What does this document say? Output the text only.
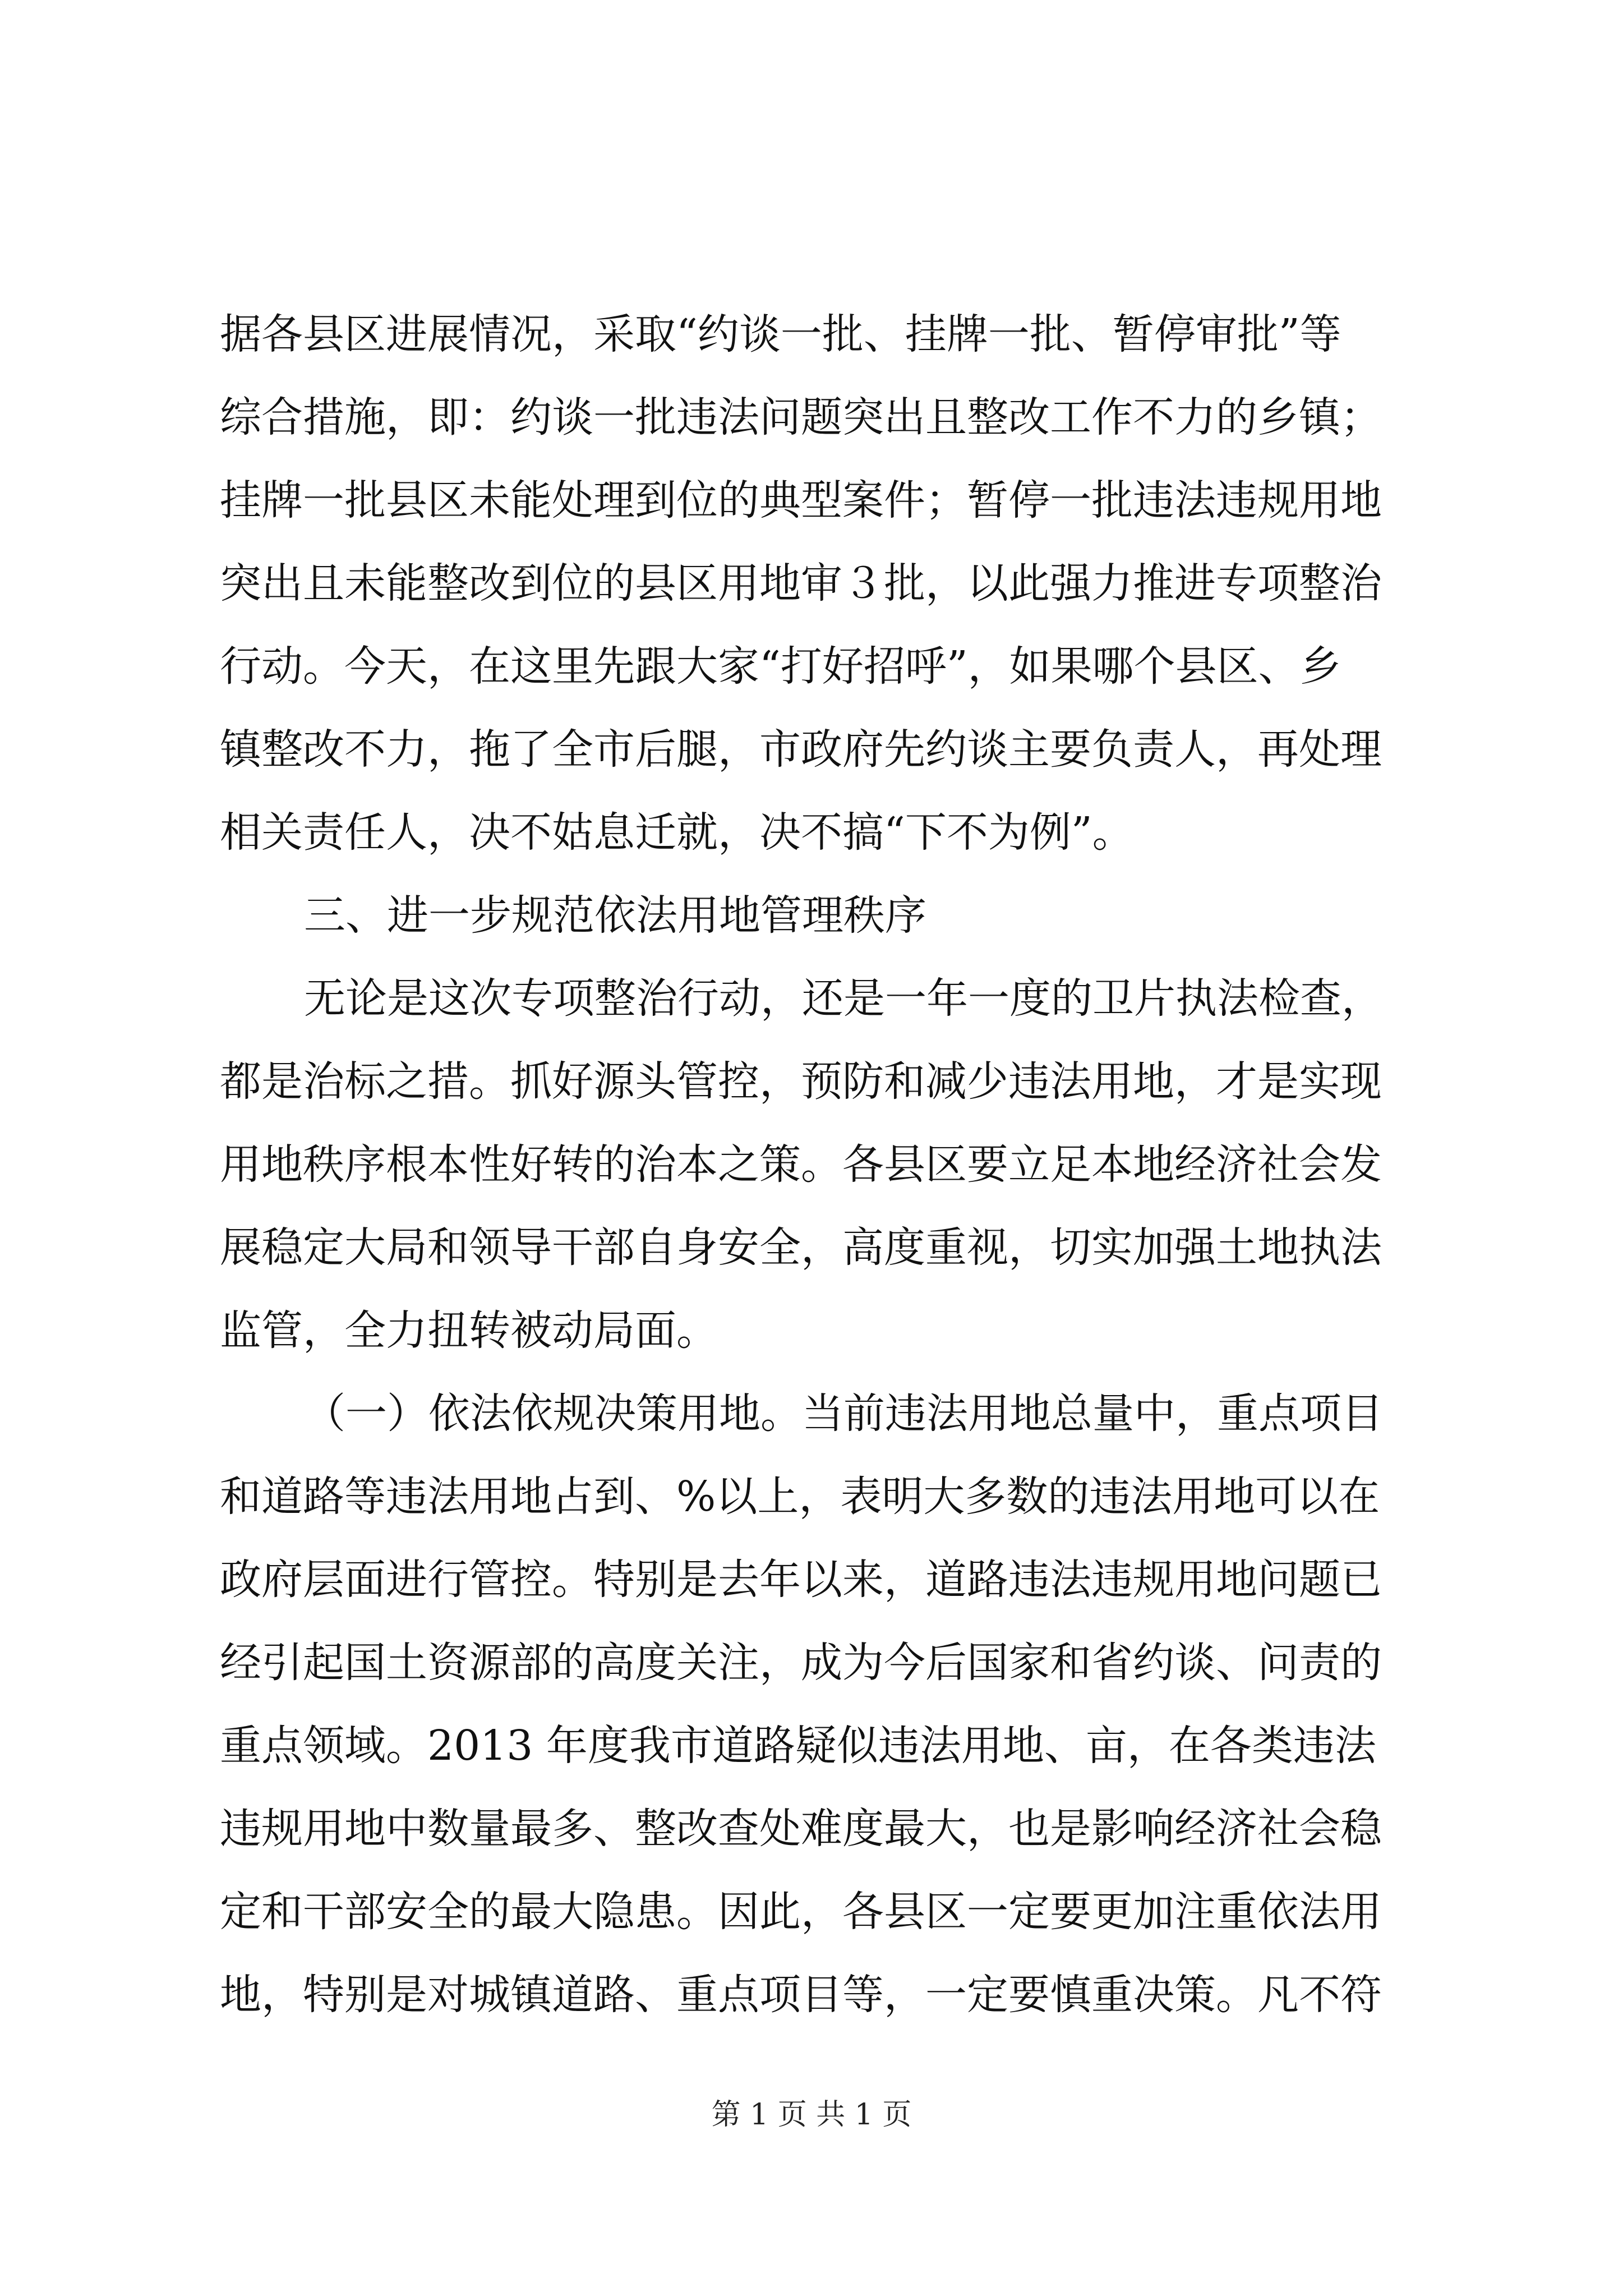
据各县区进展情况，采取“约谈一批、挂牌一批、暂停审批”等
综合措施，即：约谈一批违法问题突出且整改工作不力的乡镇；
挂牌一批县区未能处理到位的典型案件；暂停一批违法违规用地
突出且未能整改到位的县区用地审３批，以此强力推进专项整治
行动。今天，在这里先跟大家“打好招呼”，如果哪个县区、乡
镇整改不力，拖了全市后腿，市政府先约谈主要负责人，再处理
相关责任人，决不姑息迁就，决不搞“下不为例”。
三、进一步规范依法用地管理秩序
无论是这次专项整治行动，还是一年一度的卫片执法检查，
都是治标之措。抓好源头管控，预防和减少违法用地，才是实现
用地秩序根本性好转的治本之策。各县区要立足本地经济社会发
展稳定大局和领导干部自身安全，高度重视，切实加强土地执法
监管，全力扭转被动局面。
（一）依法依规决策用地。当前违法用地总量中，重点项目
和道路等违法用地占到、%以上，表明大多数的违法用地可以在
政府层面进行管控。特别是去年以来，道路违法违规用地问题已
经引起国土资源部的高度关注，成为今后国家和省约谈、问责的
重点领域。2013 年度我市道路疑似违法用地、亩，在各类违法
违规用地中数量最多、整改查处难度最大，也是影响经济社会稳
定和干部安全的最大隐患。因此，各县区一定要更加注重依法用
地，特别是对城镇道路、重点项目等，一定要慎重决策。凡不符
第 1 页 共 1 页
